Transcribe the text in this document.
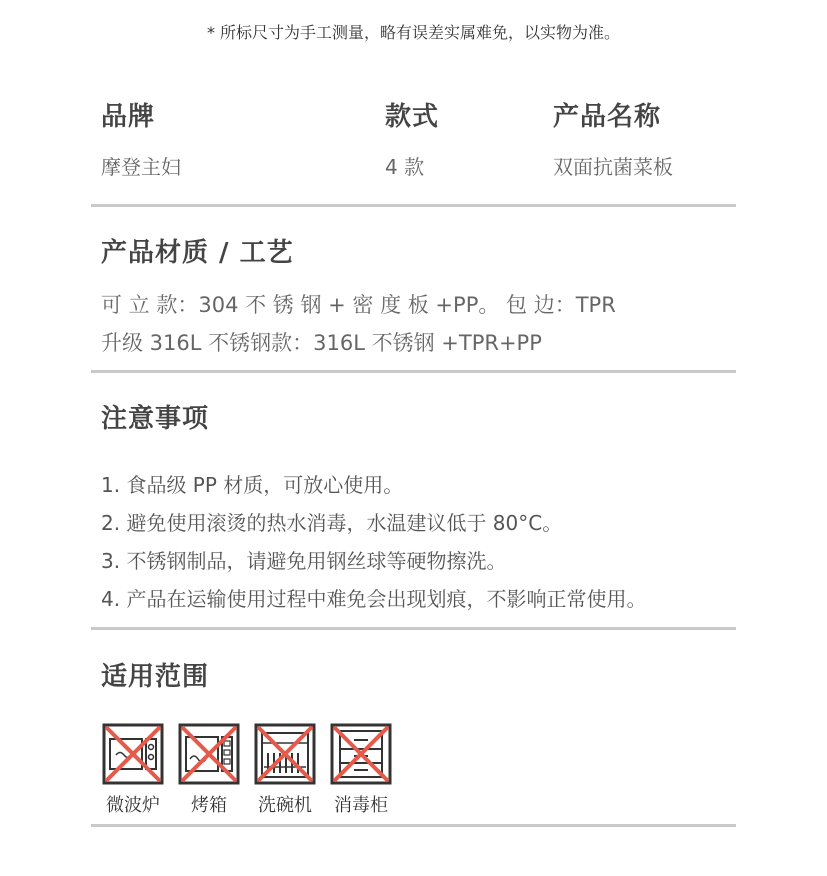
* 所标尺寸为手工测量，略有误差实属难免，以实物为准。
品牌
摩登主妇
款式
4 款
产品名称
双面抗菌菜板
产品材质 / 工艺
可 立 款：304 不 锈 钢 + 密 度 板 +PP。 包 边：TPR
升级 316L 不锈钢款：316L 不锈钢 +TPR+PP
注意事项
1. 食品级 PP 材质，可放心使用。
2. 避免使用滚烫的热水消毒，水温建议低于 80°C。
3. 不锈钢制品，请避免用钢丝球等硬物擦洗。
4. 产品在运输使用过程中难免会出现划痕，不影响正常使用。
适用范围
微波炉 烤箱 洗碗机 消毒柜
